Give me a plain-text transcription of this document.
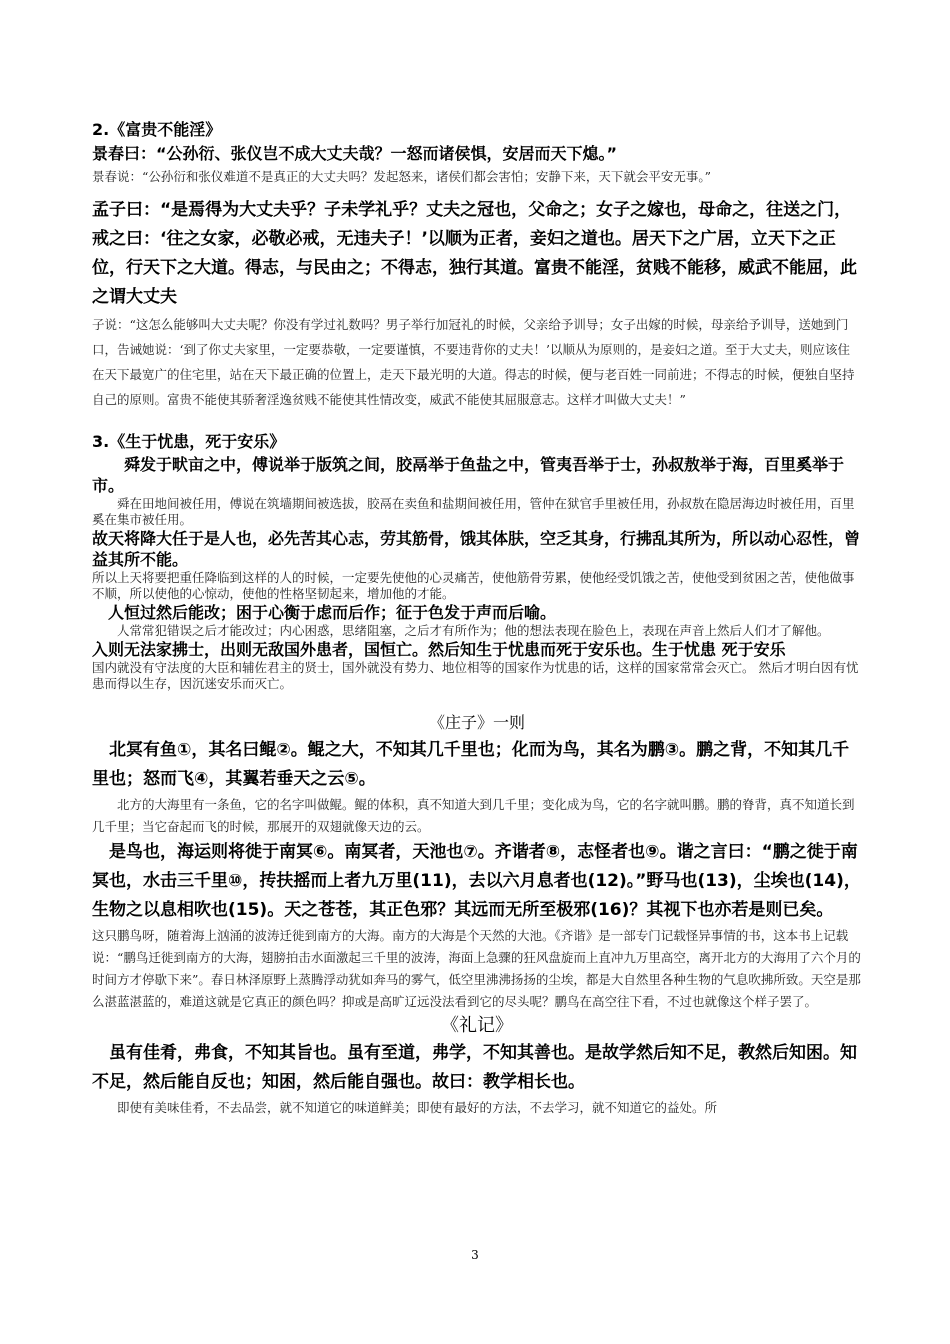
2.《富贵不能淫》

景春曰：“公孙衍、张仪岂不成大丈夫哉？一怒而诸侯惧，安居而天下熄。”

景春说：“公孙衍和张仪难道不是真正的大丈夫吗？发起怒来，诸侯们都会害怕；安静下来，天下就会平安无事。”

孟子曰：“是焉得为大丈夫乎？子未学礼乎？丈夫之冠也，父命之；女子之嫁也，母命之，往送之门，戒之曰：‘往之女家，必敬必戒，无违夫子！’以顺为正者，妾妇之道也。居天下之广居，立天下之正位，行天下之大道。得志，与民由之；不得志，独行其道。富贵不能淫，贫贱不能移，威武不能屈，此之谓大丈夫

子说：“这怎么能够叫大丈夫呢？你没有学过礼数吗？男子举行加冠礼的时候，父亲给予训导；女子出嫁的时候，母亲给予训导，送她到门口，告诫她说：‘到了你丈夫家里，一定要恭敬，一定要谨慎，不要违背你的丈夫！’以顺从为原则的，是妾妇之道。至于大丈夫，则应该住在天下最宽广的住宅里，站在天下最正确的位置上，走天下最光明的大道。得志的时候，便与老百姓一同前进；不得志的时候，便独自坚持自己的原则。富贵不能使其骄奢淫逸贫贱不能使其性情改变，威武不能使其屈服意志。这样才叫做大丈夫！”

3.《生于忧患，死于安乐》

舜发于畎亩之中，傅说举于版筑之间，胶鬲举于鱼盐之中，管夷吾举于士，孙叔敖举于海，百里奚举于市。

舜在田地间被任用，傅说在筑墙期间被选拔，胶鬲在卖鱼和盐期间被任用，管仲在狱官手里被任用，孙叔敖在隐居海边时被任用，百里奚在集市被任用。

故天将降大任于是人也，必先苦其心志，劳其筋骨，饿其体肤，空乏其身，行拂乱其所为，所以动心忍性，曾益其所不能。

所以上天将要把重任降临到这样的人的时候，一定要先使他的心灵痛苦，使他筋骨劳累，使他经受饥饿之苦，使他受到贫困之苦，使他做事不顺，所以使他的心惊动，使他的性格坚韧起来，增加他的才能。

人恒过然后能改；困于心衡于虑而后作；征于色发于声而后喻。

人常常犯错误之后才能改过；内心困惑，思绪阻塞，之后才有所作为；他的想法表现在脸色上，表现在声音上然后人们才了解他。

入则无法家拂士，出则无敌国外患者，国恒亡。然后知生于忧患而死于安乐也。生于忧患 死于安乐

国内就没有守法度的大臣和辅佐君主的贤士，国外就没有势力、地位相等的国家作为忧患的话，这样的国家常常会灭亡。 然后才明白因有忧患而得以生存，因沉迷安乐而灭亡。

《庄子》一则

北冥有鱼①，其名曰鲲②。鲲之大，不知其几千里也；化而为鸟，其名为鹏③。鹏之背，不知其几千里也；怒而飞④，其翼若垂天之云⑤。

北方的大海里有一条鱼，它的名字叫做鲲。鲲的体积，真不知道大到几千里；变化成为鸟，它的名字就叫鹏。鹏的脊背，真不知道长到几千里；当它奋起而飞的时候，那展开的双翅就像天边的云。

是鸟也，海运则将徙于南冥⑥。南冥者，天池也⑦。齐谐者⑧，志怪者也⑨。谐之言曰：“鹏之徙于南冥也，水击三千里⑩，抟扶摇而上者九万里(11)，去以六月息者也(12)。”野马也(13)，尘埃也(14)，生物之以息相吹也(15)。天之苍苍，其正色邪？其远而无所至极邪(16)？其视下也亦若是则已矣。

这只鹏鸟呀，随着海上汹涌的波涛迁徙到南方的大海。南方的大海是个天然的大池。《齐谐》是一部专门记载怪异事情的书，这本书上记载说：“鹏鸟迁徙到南方的大海，翅膀拍击水面激起三千里的波涛，海面上急骤的狂风盘旋而上直冲九万里高空，离开北方的大海用了六个月的时间方才停歇下来”。春日林泽原野上蒸腾浮动犹如奔马的雾气，低空里沸沸扬扬的尘埃，都是大自然里各种生物的气息吹拂所致。天空是那么湛蓝湛蓝的，难道这就是它真正的颜色吗？抑或是高旷辽远没法看到它的尽头呢？鹏鸟在高空往下看，不过也就像这个样子罢了。

《礼记》

虽有佳肴，弗食，不知其旨也。虽有至道，弗学，不知其善也。是故学然后知不足，教然后知困。知不足，然后能自反也；知困，然后能自强也。故曰：教学相长也。

即使有美味佳肴，不去品尝，就不知道它的味道鲜美；即使有最好的方法，不去学习，就不知道它的益处。所

3
